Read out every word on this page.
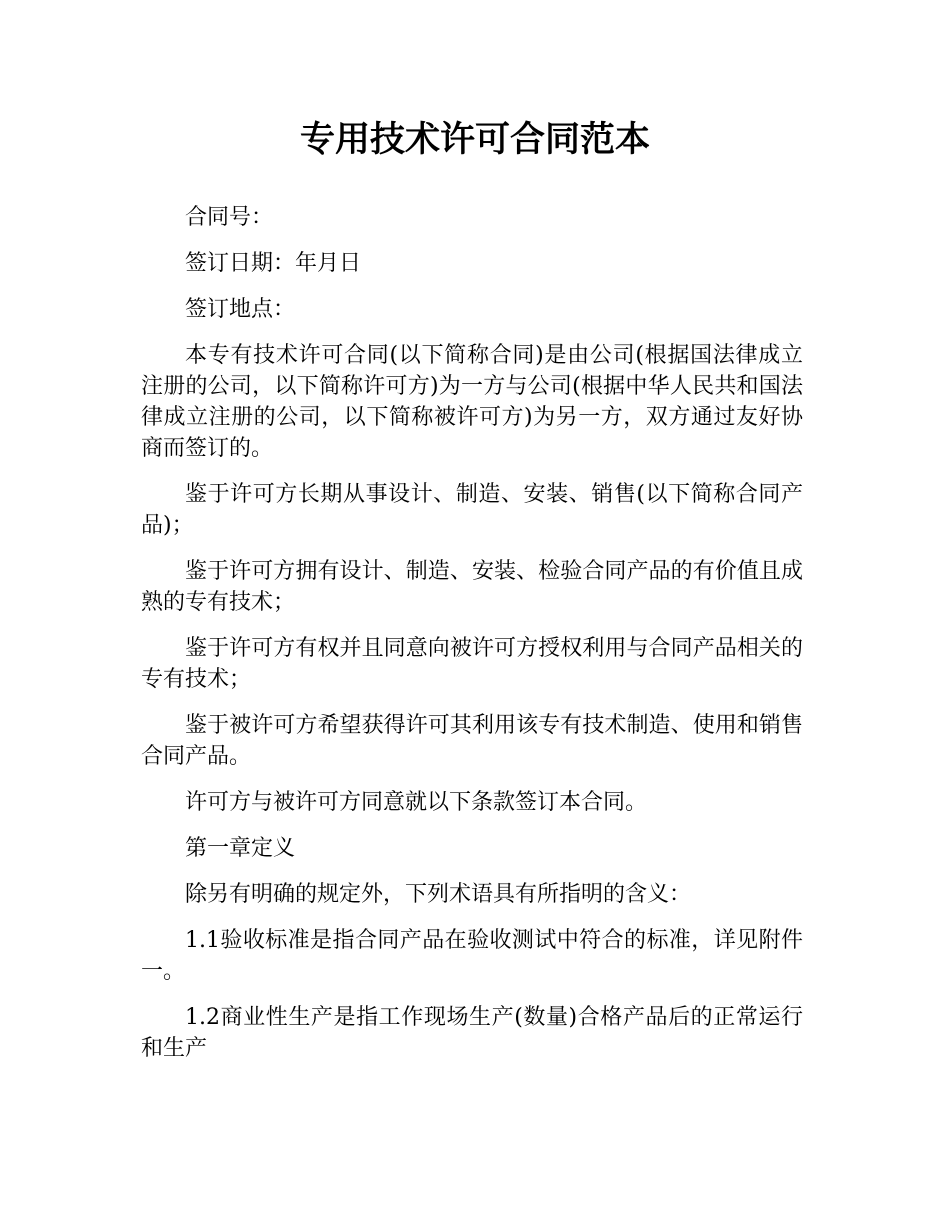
专用技术许可合同范本

合同号：

签订日期：年月日

签订地点：

本专有技术许可合同(以下简称合同)是由公司(根据国法律成立注册的公司，以下简称许可方)为一方与公司(根据中华人民共和国法律成立注册的公司，以下简称被许可方)为另一方，双方通过友好协商而签订的。

鉴于许可方长期从事设计、制造、安装、销售(以下简称合同产品)；

鉴于许可方拥有设计、制造、安装、检验合同产品的有价值且成熟的专有技术；

鉴于许可方有权并且同意向被许可方授权利用与合同产品相关的专有技术；

鉴于被许可方希望获得许可其利用该专有技术制造、使用和销售合同产品。

许可方与被许可方同意就以下条款签订本合同。

第一章定义

除另有明确的规定外，下列术语具有所指明的含义：

1.1验收标准是指合同产品在验收测试中符合的标准，详见附件一。

1.2商业性生产是指工作现场生产(数量)合格产品后的正常运行和生产
